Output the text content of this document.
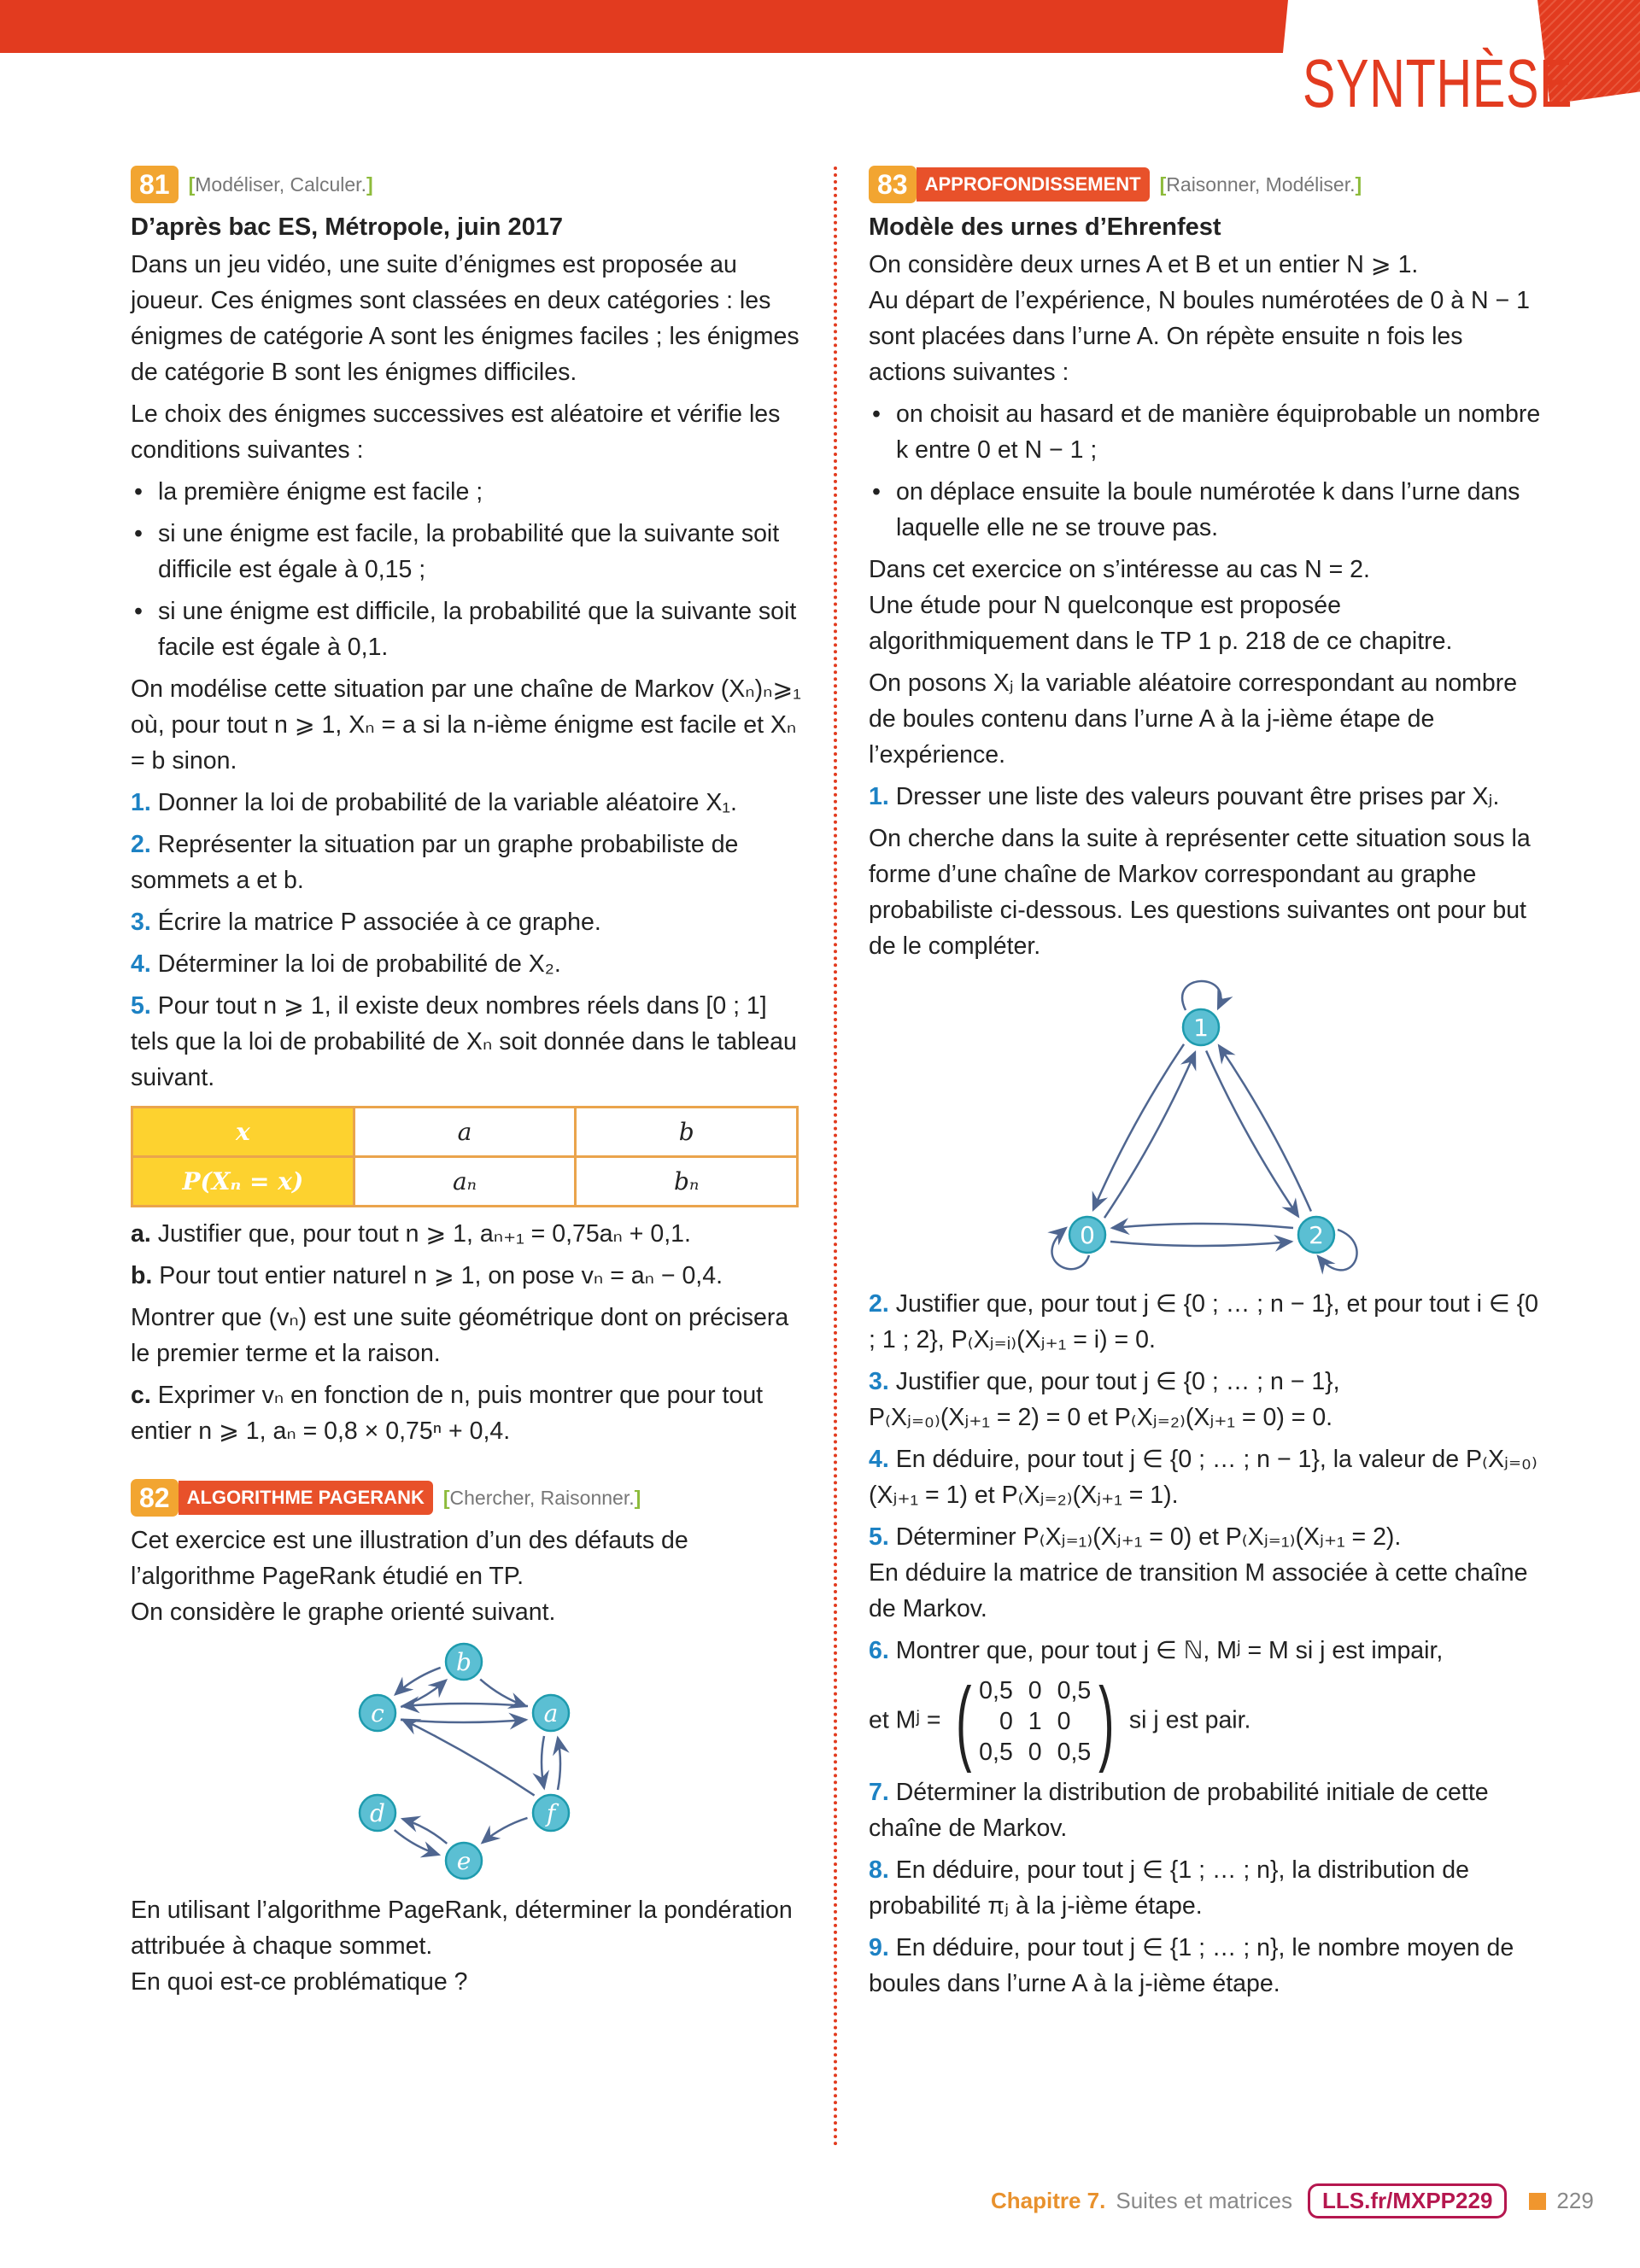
SYNTHÈSE
81 [Modéliser, Calculer.]
D’après bac ES, Métropole, juin 2017
Dans un jeu vidéo, une suite d’énigmes est proposée au joueur. Ces énigmes sont classées en deux catégories : les énigmes de catégorie A sont les énigmes faciles ; les énigmes de catégorie B sont les énigmes difficiles.
Le choix des énigmes successives est aléatoire et vérifie les conditions suivantes :
• la première énigme est facile ;
• si une énigme est facile, la probabilité que la suivante soit difficile est égale à 0,15 ;
• si une énigme est difficile, la probabilité que la suivante soit facile est égale à 0,1.
On modélise cette situation par une chaîne de Markov (Xₙ)ₙ⩾₁ où, pour tout n ⩾ 1, Xₙ = a si la n-ième énigme est facile et Xₙ = b sinon.
1. Donner la loi de probabilité de la variable aléatoire X₁.
2. Représenter la situation par un graphe probabiliste de sommets a et b.
3. Écrire la matrice P associée à ce graphe.
4. Déterminer la loi de probabilité de X₂.
5. Pour tout n ⩾ 1, il existe deux nombres réels dans [0 ; 1] tels que la loi de probabilité de Xₙ soit donnée dans le tableau suivant.
x	a	b
P(Xₙ = x)	aₙ	bₙ
a. Justifier que, pour tout n ⩾ 1, aₙ₊₁ = 0,75aₙ + 0,1.
b. Pour tout entier naturel n ⩾ 1, on pose vₙ = aₙ − 0,4.
Montrer que (vₙ) est une suite géométrique dont on précisera le premier terme et la raison.
c. Exprimer vₙ en fonction de n, puis montrer que pour tout entier n ⩾ 1, aₙ = 0,8 × 0,75ⁿ + 0,4.
82 ALGORITHME PAGERANK [Chercher, Raisonner.]
Cet exercice est une illustration d’un des défauts de l’algorithme PageRank étudié en TP.
On considère le graphe orienté suivant.
a
b
c
d
e
f
En utilisant l’algorithme PageRank, déterminer la pondération attribuée à chaque sommet.
En quoi est-ce problématique ?
83 APPROFONDISSEMENT [Raisonner, Modéliser.]
Modèle des urnes d’Ehrenfest
On considère deux urnes A et B et un entier N ⩾ 1.
Au départ de l’expérience, N boules numérotées de 0 à N − 1 sont placées dans l’urne A. On répète ensuite n fois les actions suivantes :
• on choisit au hasard et de manière équiprobable un nombre k entre 0 et N − 1 ;
• on déplace ensuite la boule numérotée k dans l’urne dans laquelle elle ne se trouve pas.
Dans cet exercice on s’intéresse au cas N = 2.
Une étude pour N quelconque est proposée algorithmiquement dans le TP 1 p. 218 de ce chapitre.
On posons Xⱼ la variable aléatoire correspondant au nombre de boules contenu dans l’urne A à la j-ième étape de l’expérience.
1. Dresser une liste des valeurs pouvant être prises par Xⱼ.
On cherche dans la suite à représenter cette situation sous la forme d’une chaîne de Markov correspondant au graphe probabiliste ci-dessous. Les questions suivantes ont pour but de le compléter.
0
1
2
2. Justifier que, pour tout j ∈ {0 ; … ; n − 1}, et pour tout i ∈ {0 ; 1 ; 2}, P₍Xⱼ₌ᵢ₎(Xⱼ₊₁ = i) = 0.
3. Justifier que, pour tout j ∈ {0 ; … ; n − 1},
P₍Xⱼ₌₀₎(Xⱼ₊₁ = 2) = 0 et P₍Xⱼ₌₂₎(Xⱼ₊₁ = 0) = 0.
4. En déduire, pour tout j ∈ {0 ; … ; n − 1}, la valeur de P₍Xⱼ₌₀₎(Xⱼ₊₁ = 1) et P₍Xⱼ₌₂₎(Xⱼ₊₁ = 1).
5. Déterminer P₍Xⱼ₌₁₎(Xⱼ₊₁ = 0) et P₍Xⱼ₌₁₎(Xⱼ₊₁ = 2).
En déduire la matrice de transition M associée à cette chaîne de Markov.
6. Montrer que, pour tout j ∈ ℕ, Mʲ = M si j est impair,
et Mʲ = ( 0,5 0 0,5
0 1 0
0,5 0 0,5 ) si j est pair.
7. Déterminer la distribution de probabilité initiale de cette chaîne de Markov.
8. En déduire, pour tout j ∈ {1 ; … ; n}, la distribution de probabilité πⱼ à la j-ième étape.
9. En déduire, pour tout j ∈ {1 ; … ; n}, le nombre moyen de boules dans l’urne A à la j-ième étape.
Chapitre 7. Suites et matrices	LLS.fr/MXPP229	229
